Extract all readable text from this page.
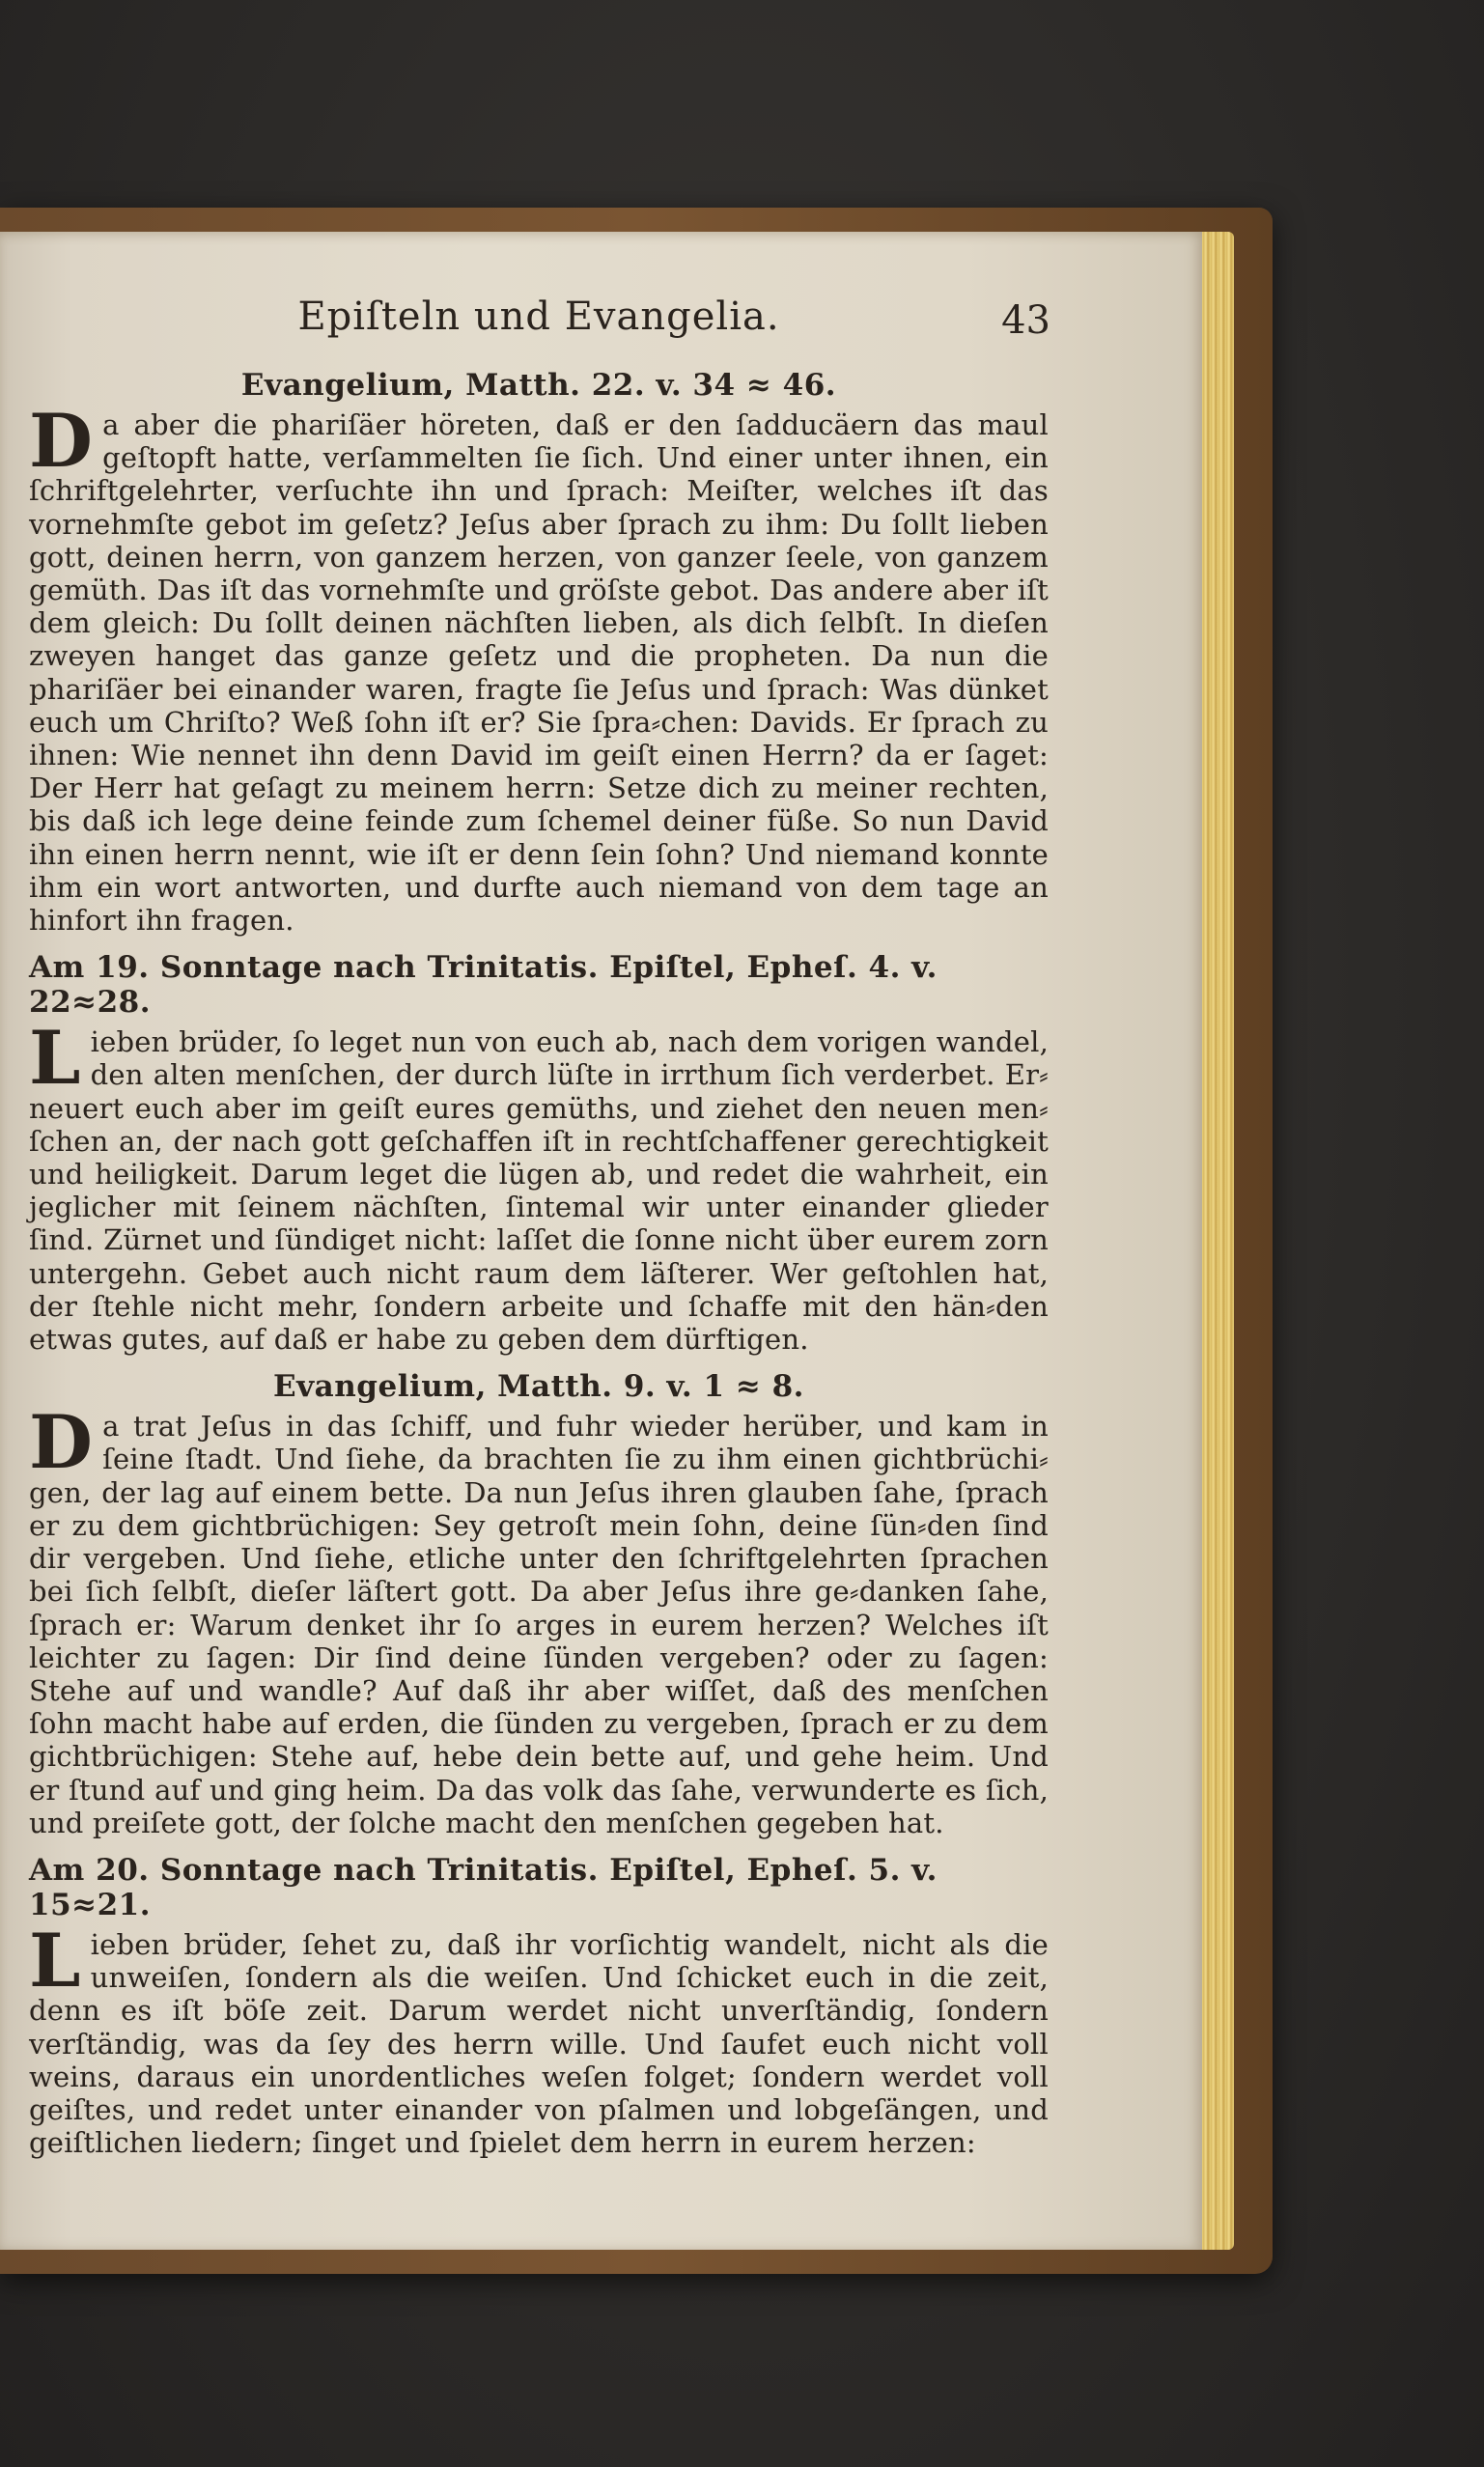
Epiſteln und Evangelia.	43
Evangelium, Matth. 22. v. 34 ≈ 46.

Da aber die phariſäer höreten, daß er den ſadducäern das maul geſtopft hatte, verſammelten ſie ſich. Und einer unter ihnen, ein ſchriftgelehrter, verſuchte ihn und ſprach: Meiſter, welches iſt das vornehmſte gebot im geſetz? Jeſus aber ſprach zu ihm: Du ſollt lieben gott, deinen herrn, von ganzem herzen, von ganzer ſeele, von ganzem gemüth. Das iſt das vornehmſte und gröſste gebot. Das andere aber iſt dem gleich: Du ſollt deinen nächſten lieben, als dich ſelbſt. In dieſen zweyen hanget das ganze geſetz und die propheten. Da nun die phariſäer bei einander waren, fragte ſie Jeſus und ſprach: Was dünket euch um Chriſto? Weß ſohn iſt er? Sie ſpra⸗chen: Davids. Er ſprach zu ihnen: Wie nennet ihn denn David im geiſt einen Herrn? da er ſaget: Der Herr hat geſagt zu meinem herrn: Setze dich zu meiner rechten, bis daß ich lege deine feinde zum ſchemel deiner füße. So nun David ihn einen herrn nennt, wie iſt er denn ſein ſohn? Und niemand konnte ihm ein wort antworten, und durfte auch niemand von dem tage an hinfort ihn fragen.

Am 19. Sonntage nach Trinitatis. Epiſtel, Epheſ. 4. v. 22≈28.

Lieben brüder, ſo leget nun von euch ab, nach dem vorigen wandel, den alten menſchen, der durch lüſte in irrthum ſich verderbet. Er⸗neuert euch aber im geiſt eures gemüths, und ziehet den neuen men⸗ſchen an, der nach gott geſchaffen iſt in rechtſchaffener gerechtigkeit und heiligkeit. Darum leget die lügen ab, und redet die wahrheit, ein jeglicher mit ſeinem nächſten, ſintemal wir unter einander glieder ſind. Zürnet und ſündiget nicht: laſſet die ſonne nicht über eurem zorn untergehn. Gebet auch nicht raum dem läſterer. Wer geſtohlen hat, der ſtehle nicht mehr, ſondern arbeite und ſchaffe mit den hän⸗den etwas gutes, auf daß er habe zu geben dem dürftigen.

Evangelium, Matth. 9. v. 1 ≈ 8.

Da trat Jeſus in das ſchiff, und fuhr wieder herüber, und kam in ſeine ſtadt. Und ſiehe, da brachten ſie zu ihm einen gichtbrüchi⸗gen, der lag auf einem bette. Da nun Jeſus ihren glauben ſahe, ſprach er zu dem gichtbrüchigen: Sey getroſt mein ſohn, deine ſün⸗den ſind dir vergeben. Und ſiehe, etliche unter den ſchriftgelehrten ſprachen bei ſich ſelbſt, dieſer läſtert gott. Da aber Jeſus ihre ge⸗danken ſahe, ſprach er: Warum denket ihr ſo arges in eurem herzen? Welches iſt leichter zu ſagen: Dir ſind deine ſünden vergeben? oder zu ſagen: Stehe auf und wandle? Auf daß ihr aber wiſſet, daß des menſchen ſohn macht habe auf erden, die ſünden zu vergeben, ſprach er zu dem gichtbrüchigen: Stehe auf, hebe dein bette auf, und gehe heim. Und er ſtund auf und ging heim. Da das volk das ſahe, verwunderte es ſich, und preiſete gott, der ſolche macht den menſchen gegeben hat.

Am 20. Sonntage nach Trinitatis. Epiſtel, Epheſ. 5. v. 15≈21.

Lieben brüder, ſehet zu, daß ihr vorſichtig wandelt, nicht als die unweiſen, ſondern als die weiſen. Und ſchicket euch in die zeit, denn es iſt böſe zeit. Darum werdet nicht unverſtändig, ſondern verſtändig, was da ſey des herrn wille. Und ſaufet euch nicht voll weins, daraus ein unordentliches weſen folget; ſondern werdet voll geiſtes, und redet unter einander von pſalmen und lobgeſängen, und geiſtlichen liedern; ſinget und ſpielet dem herrn in eurem herzen:
